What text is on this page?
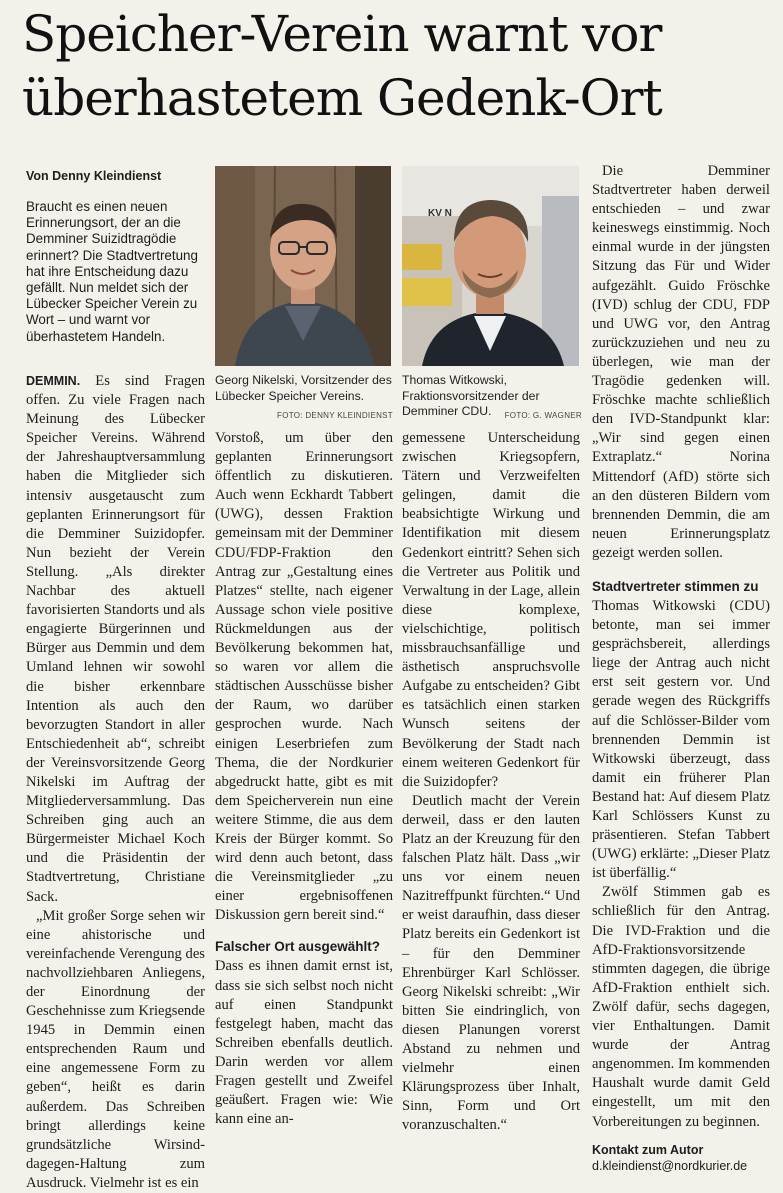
Speicher-Verein warnt vor
überhastetem Gedenk-Ort
Von Denny Kleindienst
Braucht es einen neuen Erinnerungsort, der an die Demminer Suizidtragödie erinnert? Die Stadtvertretung hat ihre Entscheidung dazu gefällt. Nun meldet sich der Lübecker Speicher Verein zu Wort – und warnt vor überhastetem Handeln.
Georg Nikelski, Vorsitzender des Lübecker Speicher Vereins.
FOTO: DENNY KLEINDIENST
KV N
Thomas Witkowski, Fraktionsvorsitzender der Demminer CDU.	FOTO: G. WAGNER

DEMMIN. Es sind Fragen offen. Zu viele Fragen nach Meinung des Lübecker Speicher Vereins. Während der Jahreshauptversammlung haben die Mitglieder sich intensiv ausgetauscht zum geplanten Erinnerungsort für die Demminer Suizidopfer. Nun bezieht der Verein Stellung. „Als direkter Nachbar des aktuell favorisierten Standorts und als engagierte Bürgerinnen und Bürger aus Demmin und dem Umland lehnen wir sowohl die bisher erkennbare Intention als auch den bevorzugten Standort in aller Entschiedenheit ab“, schreibt der Vereinsvorsitzende Georg Nikelski im Auftrag der Mitgliederversammlung. Das Schreiben ging auch an Bürgermeister Michael Koch und die Präsidentin der Stadtvertretung, Christiane Sack.

„Mit großer Sorge sehen wir eine ahistorische und vereinfachende Verengung des nachvollziehbaren Anliegens, der Einordnung der Geschehnisse zum Kriegsende 1945 in Demmin einen entsprechenden Raum und eine angemessene Form zu geben“, heißt es darin außerdem. Das Schreiben bringt allerdings keine grundsätzliche Wirsind-dagegen-Haltung zum Ausdruck. Vielmehr ist es ein

Vorstoß, um über den geplanten Erinnerungsort öffentlich zu diskutieren. Auch wenn Eckhardt Tabbert (UWG), dessen Fraktion gemeinsam mit der Demminer CDU/FDP-Fraktion den Antrag zur „Gestaltung eines Platzes“ stellte, nach eigener Aussage schon viele positive Rückmeldungen aus der Bevölkerung bekommen hat, so waren vor allem die städtischen Ausschüsse bisher der Raum, wo darüber gesprochen wurde. Nach einigen Leserbriefen zum Thema, die der Nordkurier abgedruckt hatte, gibt es mit dem Speicherverein nun eine weitere Stimme, die aus dem Kreis der Bürger kommt. So wird denn auch betont, dass die Vereinsmitglieder „zu einer ergebnisoffenen Diskussion gern bereit sind.“

Falscher Ort ausgewählt?

Dass es ihnen damit ernst ist, dass sie sich selbst noch nicht auf einen Standpunkt festgelegt haben, macht das Schreiben ebenfalls deutlich. Darin werden vor allem Fragen gestellt und Zweifel geäußert. Fragen wie: Wie kann eine an-

gemessene Unterscheidung zwischen Kriegsopfern, Tätern und Verzweifelten gelingen, damit die beabsichtigte Wirkung und Identifikation mit diesem Gedenkort eintritt? Sehen sich die Vertreter aus Politik und Verwaltung in der Lage, allein diese komplexe, vielschichtige, politisch missbrauchsanfällige und ästhetisch anspruchsvolle Aufgabe zu entscheiden? Gibt es tatsächlich einen starken Wunsch seitens der Bevölkerung der Stadt nach einem weiteren Gedenkort für die Suizidopfer?

Deutlich macht der Verein derweil, dass er den lauten Platz an der Kreuzung für den falschen Platz hält. Dass „wir uns vor einem neuen Nazitreffpunkt fürchten.“ Und er weist daraufhin, dass dieser Platz bereits ein Gedenkort ist – für den Demminer Ehrenbürger Karl Schlösser. Georg Nikelski schreibt: „Wir bitten Sie eindringlich, von diesen Planungen vorerst Abstand zu nehmen und vielmehr einen Klärungsprozess über Inhalt, Sinn, Form und Ort voranzuschalten.“

Die Demminer Stadtvertreter haben derweil entschieden – und zwar keineswegs einstimmig. Noch einmal wurde in der jüngsten Sitzung das Für und Wider aufgezählt. Guido Fröschke (IVD) schlug der CDU, FDP und UWG vor, den Antrag zurückzuziehen und neu zu überlegen, wie man der Tragödie gedenken will. Fröschke machte schließlich den IVD-Standpunkt klar: „Wir sind gegen einen Extraplatz.“ Norina Mittendorf (AfD) störte sich an den düsteren Bildern vom brennenden Demmin, die am neuen Erinnerungsplatz gezeigt werden sollen.

Stadtvertreter stimmen zu

Thomas Witkowski (CDU) betonte, man sei immer gesprächsbereit, allerdings liege der Antrag auch nicht erst seit gestern vor. Und gerade wegen des Rückgriffs auf die Schlösser-Bilder vom brennenden Demmin ist Witkowski überzeugt, dass damit ein früherer Plan Bestand hat: Auf diesem Platz Karl Schlössers Kunst zu präsentieren. Stefan Tabbert (UWG) erklärte: „Dieser Platz ist überfällig.“

Zwölf Stimmen gab es schließlich für den Antrag. Die IVD-Fraktion und die AfD-Fraktionsvorsitzende stimmten dagegen, die übrige AfD-Fraktion enthielt sich. Zwölf dafür, sechs dagegen, vier Enthaltungen. Damit wurde der Antrag angenommen. Im kommenden Haushalt wurde damit Geld eingestellt, um mit den Vorbereitungen zu beginnen.

Kontakt zum Autor
d.kleindienst@nordkurier.de
